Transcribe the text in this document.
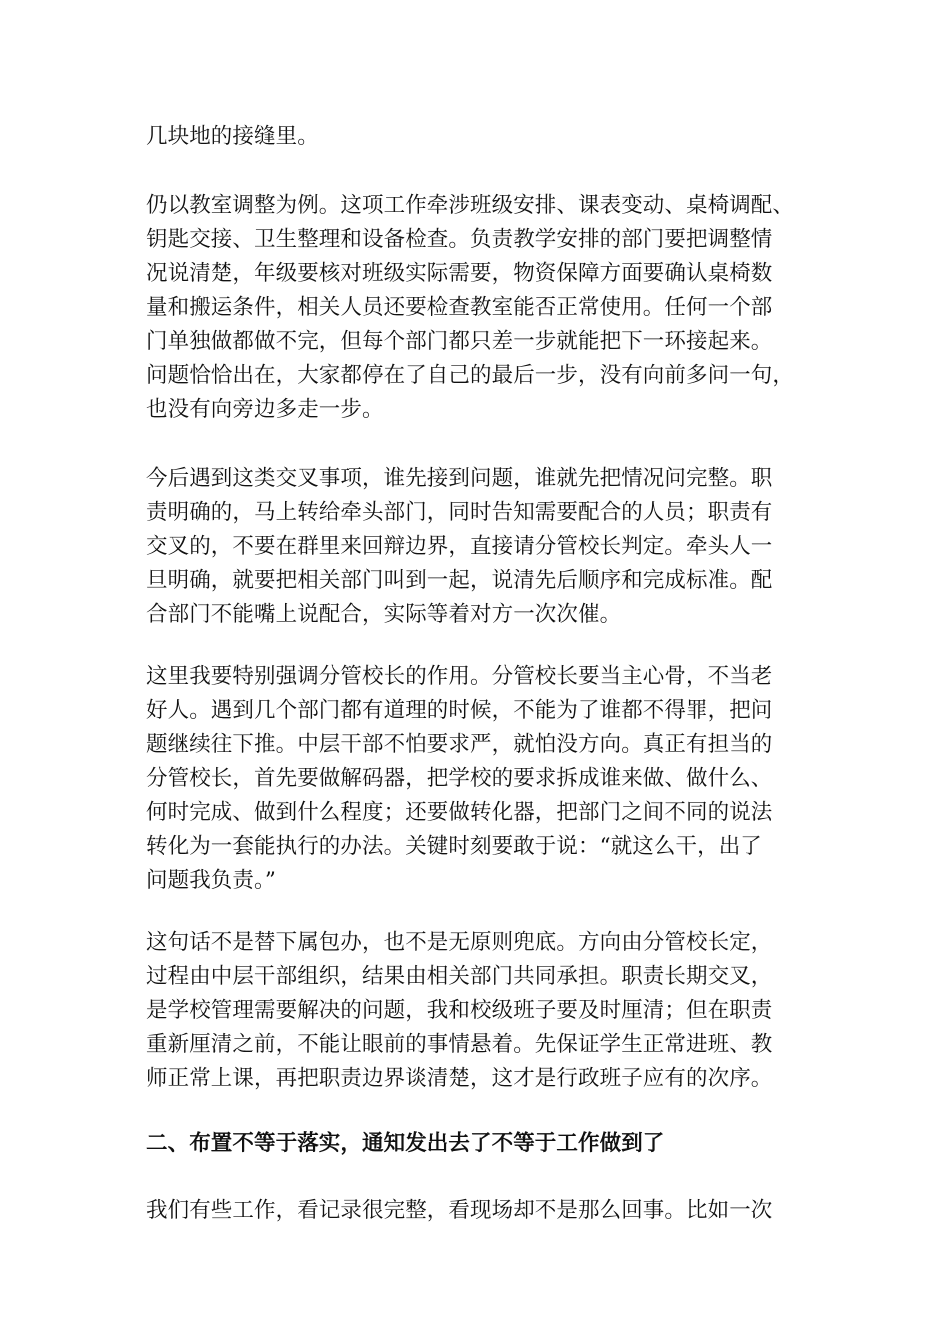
几块地的接缝里。
仍以教室调整为例。这项工作牵涉班级安排、课表变动、桌椅调配、
钥匙交接、卫生整理和设备检查。负责教学安排的部门要把调整情
况说清楚，年级要核对班级实际需要，物资保障方面要确认桌椅数
量和搬运条件，相关人员还要检查教室能否正常使用。任何一个部
门单独做都做不完，但每个部门都只差一步就能把下一环接起来。
问题恰恰出在，大家都停在了自己的最后一步，没有向前多问一句，
也没有向旁边多走一步。
今后遇到这类交叉事项，谁先接到问题，谁就先把情况问完整。职
责明确的，马上转给牵头部门，同时告知需要配合的人员；职责有
交叉的，不要在群里来回辩边界，直接请分管校长判定。牵头人一
旦明确，就要把相关部门叫到一起，说清先后顺序和完成标准。配
合部门不能嘴上说配合，实际等着对方一次次催。
这里我要特别强调分管校长的作用。分管校长要当主心骨，不当老
好人。遇到几个部门都有道理的时候，不能为了谁都不得罪，把问
题继续往下推。中层干部不怕要求严，就怕没方向。真正有担当的
分管校长，首先要做解码器，把学校的要求拆成谁来做、做什么、
何时完成、做到什么程度；还要做转化器，把部门之间不同的说法
转化为一套能执行的办法。关键时刻要敢于说：“就这么干，出了
问题我负责。”
这句话不是替下属包办，也不是无原则兜底。方向由分管校长定，
过程由中层干部组织，结果由相关部门共同承担。职责长期交叉，
是学校管理需要解决的问题，我和校级班子要及时厘清；但在职责
重新厘清之前，不能让眼前的事情悬着。先保证学生正常进班、教
师正常上课，再把职责边界谈清楚，这才是行政班子应有的次序。
二、布置不等于落实，通知发出去了不等于工作做到了
我们有些工作，看记录很完整，看现场却不是那么回事。比如一次
